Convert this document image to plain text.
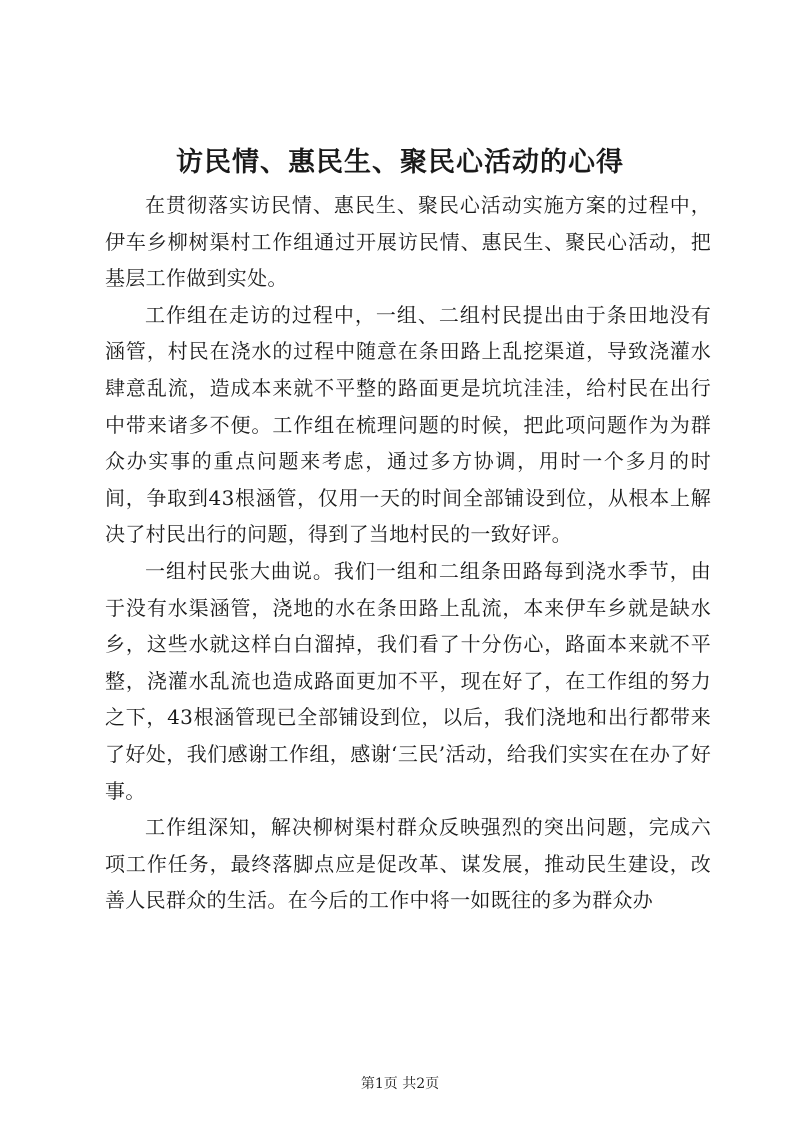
访民情、惠民生、聚民心活动的心得

在贯彻落实访民情、惠民生、聚民心活动实施方案的过程中，伊车乡柳树渠村工作组通过开展访民情、惠民生、聚民心活动，把基层工作做到实处。

工作组在走访的过程中，一组、二组村民提出由于条田地没有涵管，村民在浇水的过程中随意在条田路上乱挖渠道，导致浇灌水肆意乱流，造成本来就不平整的路面更是坑坑洼洼，给村民在出行中带来诸多不便。工作组在梳理问题的时候，把此项问题作为为群众办实事的重点问题来考虑，通过多方协调，用时一个多月的时间，争取到43根涵管，仅用一天的时间全部铺设到位，从根本上解决了村民出行的问题，得到了当地村民的一致好评。

一组村民张大曲说。我们一组和二组条田路每到浇水季节，由于没有水渠涵管，浇地的水在条田路上乱流，本来伊车乡就是缺水乡，这些水就这样白白溜掉，我们看了十分伤心，路面本来就不平整，浇灌水乱流也造成路面更加不平，现在好了，在工作组的努力之下，43根涵管现已全部铺设到位，以后，我们浇地和出行都带来了好处，我们感谢工作组，感谢‘三民’活动，给我们实实在在办了好事。

工作组深知，解决柳树渠村群众反映强烈的突出问题，完成六项工作任务，最终落脚点应是促改革、谋发展，推动民生建设，改善人民群众的生活。在今后的工作中将一如既往的多为群众办

第1页 共2页
